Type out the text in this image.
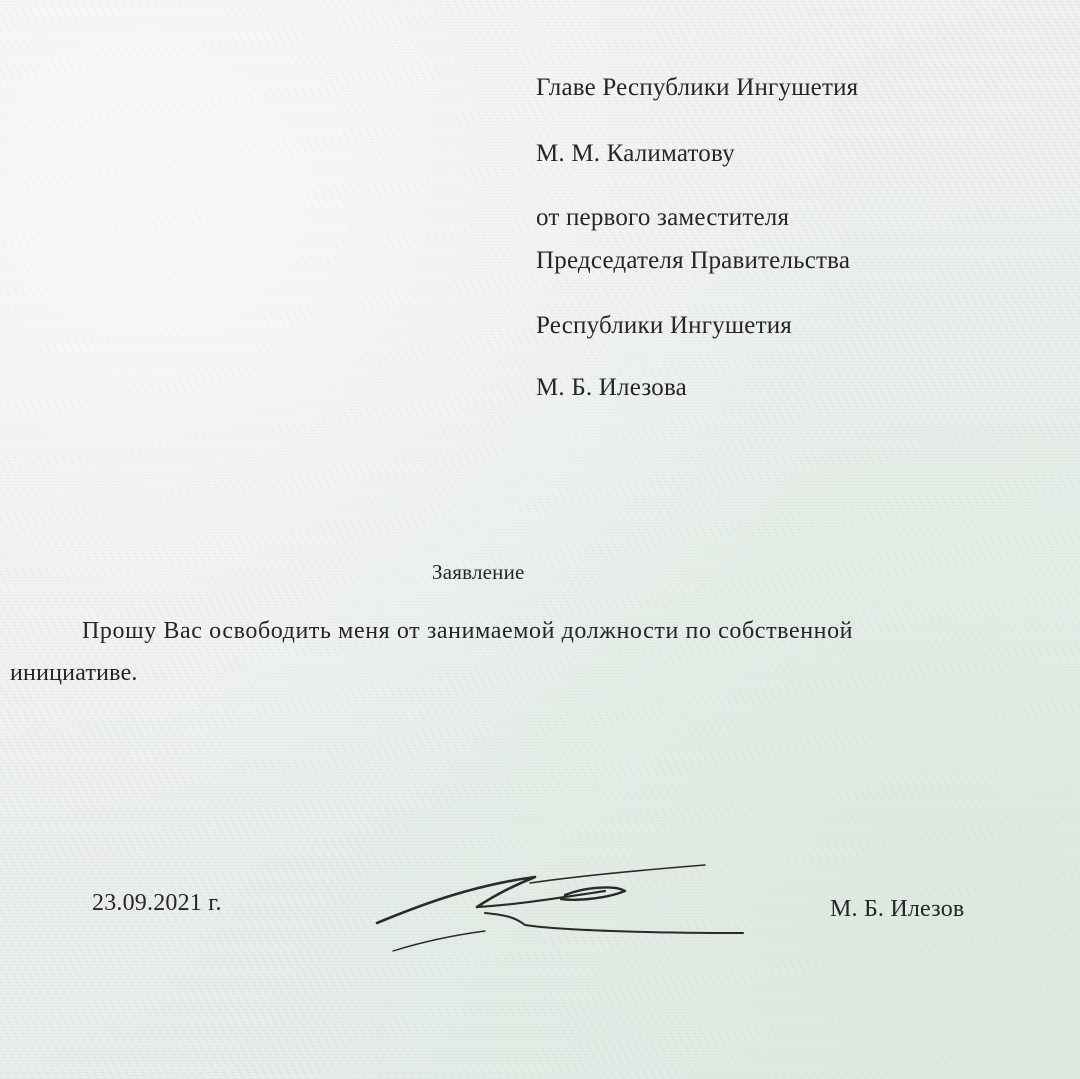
Главе Республики Ингушетия
М. М. Калиматову
от первого заместителя
Председателя Правительства
Республики Ингушетия
М. Б. Илезова
Заявление
Прошу Вас освободить меня от занимаемой должности по собственной
инициативе.
23.09.2021 г.	М. Б. Илезов
